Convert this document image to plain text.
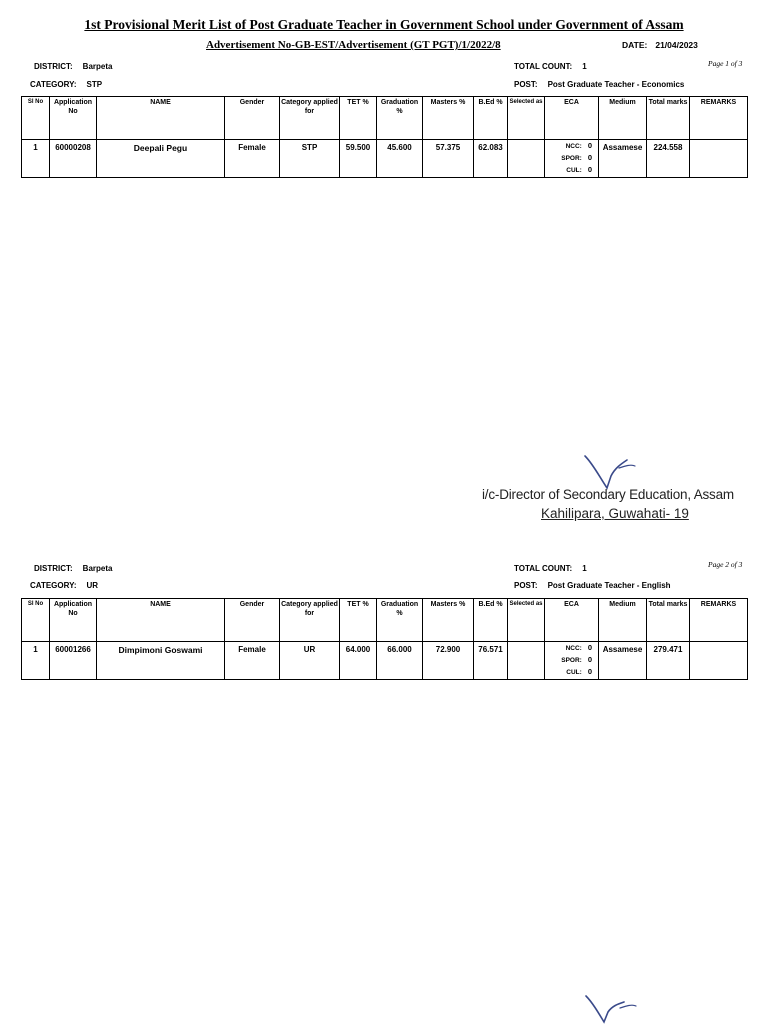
1st Provisional Merit List of Post Graduate Teacher in Government School under Government of Assam
Advertisement No-GB-EST/Advertisement (GT PGT)/1/2022/8	DATE: 21/04/2023
DISTRICT: Barpeta	TOTAL COUNT: 1	Page 1 of 3
CATEGORY: STP	POST: Post Graduate Teacher - Economics
Sl No	Application No	NAME	Gender	Category applied for	TET %	Graduation %	Masters %	B.Ed %	Selected as	ECA	Medium	Total marks	REMARKS
1	60000208	Deepali Pegu	Female	STP	59.500	45.600	57.375	62.083		NCC: 0
SPOR: 0
CUL: 0	Assamese	224.558	
i/c-Director of Secondary Education, Assam
Kahilipara, Guwahati- 19
DISTRICT: Barpeta	TOTAL COUNT: 1	Page 2 of 3
CATEGORY: UR	POST: Post Graduate Teacher - English
Sl No	Application No	NAME	Gender	Category applied for	TET %	Graduation %	Masters %	B.Ed %	Selected as	ECA	Medium	Total marks	REMARKS
1	60001266	Dimpimoni Goswami	Female	UR	64.000	66.000	72.900	76.571		NCC: 0
SPOR: 0
CUL: 0	Assamese	279.471	
